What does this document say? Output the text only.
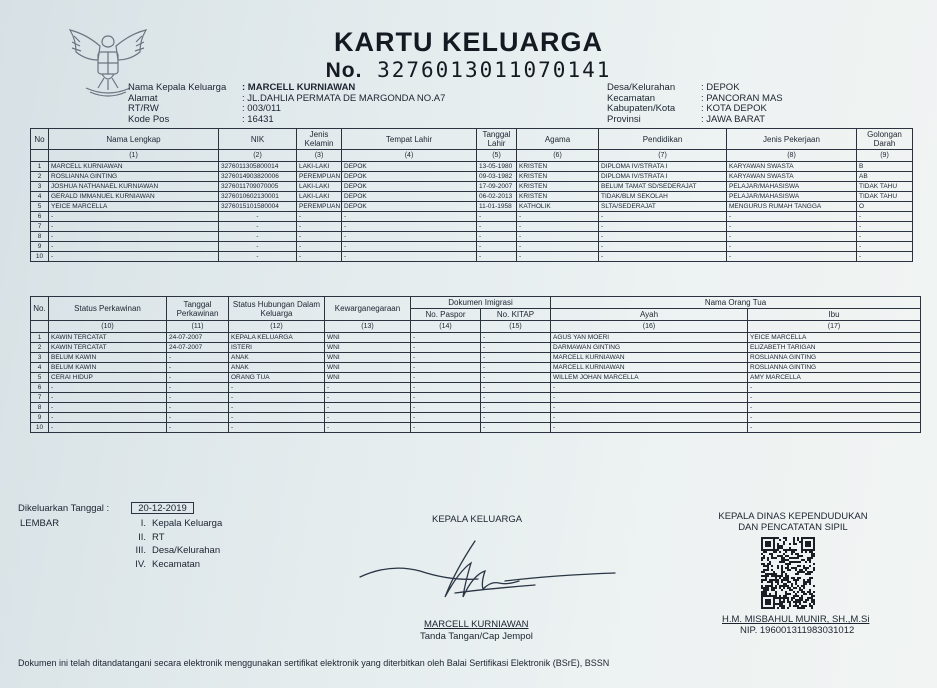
KARTU KELUARGA
No. 3276013011070141
Nama Kepala Keluarga	: MARCELL KURNIAWAN
Alamat	: JL.DAHLIA PERMATA DE MARGONDA NO.A7
RT/RW	: 003/011
Kode Pos	: 16431
Desa/Kelurahan	: DEPOK
Kecamatan	: PANCORAN MAS
Kabupaten/Kota	: KOTA DEPOK
Provinsi	: JAWA BARAT
No	Nama Lengkap	NIK	Jenis Kelamin	Tempat Lahir	Tanggal Lahir	Agama	Pendidikan	Jenis Pekerjaan	Golongan Darah
	(1)	(2)	(3)	(4)	(5)	(6)	(7)	(8)	(9)
1	MARCELL KURNIAWAN	3276011305800014	LAKI-LAKI	DEPOK	13-05-1980	KRISTEN	DIPLOMA IV/STRATA I	KARYAWAN SWASTA	B
2	ROSLIANNA GINTING	3276014903820006	PEREMPUAN	DEPOK	09-03-1982	KRISTEN	DIPLOMA IV/STRATA I	KARYAWAN SWASTA	AB
3	JOSHUA NATHANAEL KURNIAWAN	3276011709070005	LAKI-LAKI	DEPOK	17-09-2007	KRISTEN	BELUM TAMAT SD/SEDERAJAT	PELAJAR/MAHASISWA	TIDAK TAHU
4	GERALD IMMANUEL KURNIAWAN	3276010602130001	LAKI-LAKI	DEPOK	06-02-2013	KRISTEN	TIDAK/BLM SEKOLAH	PELAJAR/MAHASISWA	TIDAK TAHU
5	YEICE MARCELLA	3276015101580004	PEREMPUAN	DEPOK	11-01-1958	KATHOLIK	SLTA/SEDERAJAT	MENGURUS RUMAH TANGGA	O
6	-	-	-	-	-	-	-	-	-
7	-	-	-	-	-	-	-	-	-
8	-	-	-	-	-	-	-	-	-
9	-	-	-	-	-	-	-	-	-
10	-	-	-	-	-	-	-	-	-
No.	Status Perkawinan	Tanggal Perkawinan	Status Hubungan Dalam Keluarga	Kewarganegaraan	Dokumen Imigrasi		Nama Orang Tua	
					No. Paspor	No. KITAP	Ayah	Ibu
	(10)	(11)	(12)	(13)	(14)	(15)	(16)	(17)
1	KAWIN TERCATAT	24-07-2007	KEPALA KELUARGA	WNI	-	-	AGUS YAN MOERI	YEICE MARCELLA
2	KAWIN TERCATAT	24-07-2007	ISTERI	WNI	-	-	DARMAWAN GINTING	ELIZABETH TARIGAN
3	BELUM KAWIN	-	ANAK	WNI	-	-	MARCELL KURNIAWAN	ROSLIANNA GINTING
4	BELUM KAWIN	-	ANAK	WNI	-	-	MARCELL KURNIAWAN	ROSLIANNA GINTING
5	CERAI HIDUP	-	ORANG TUA	WNI	-	-	WILLEM JOHAN MARCELLA	AMY MARCELLA
6	-	-	-	-	-	-	-	-
7	-	-	-	-	-	-	-	-
8	-	-	-	-	-	-	-	-
9	-	-	-	-	-	-	-	-
10	-	-	-	-	-	-	-	-
Dikeluarkan Tanggal :	20-12-2019
LEMBAR	I. Kepala Keluarga
II. RT
III. Desa/Kelurahan
IV. Kecamatan
KEPALA KELUARGA
MARCELL KURNIAWAN
Tanda Tangan/Cap Jempol
KEPALA DINAS KEPENDUDUKAN
DAN PENCATATAN SIPIL
H.M. MISBAHUL MUNIR, SH.,M.Si
NIP. 196001311983031012
Dokumen ini telah ditandatangani secara elektronik menggunakan sertifikat elektronik yang diterbitkan oleh Balai Sertifikasi Elektronik (BSrE), BSSN
